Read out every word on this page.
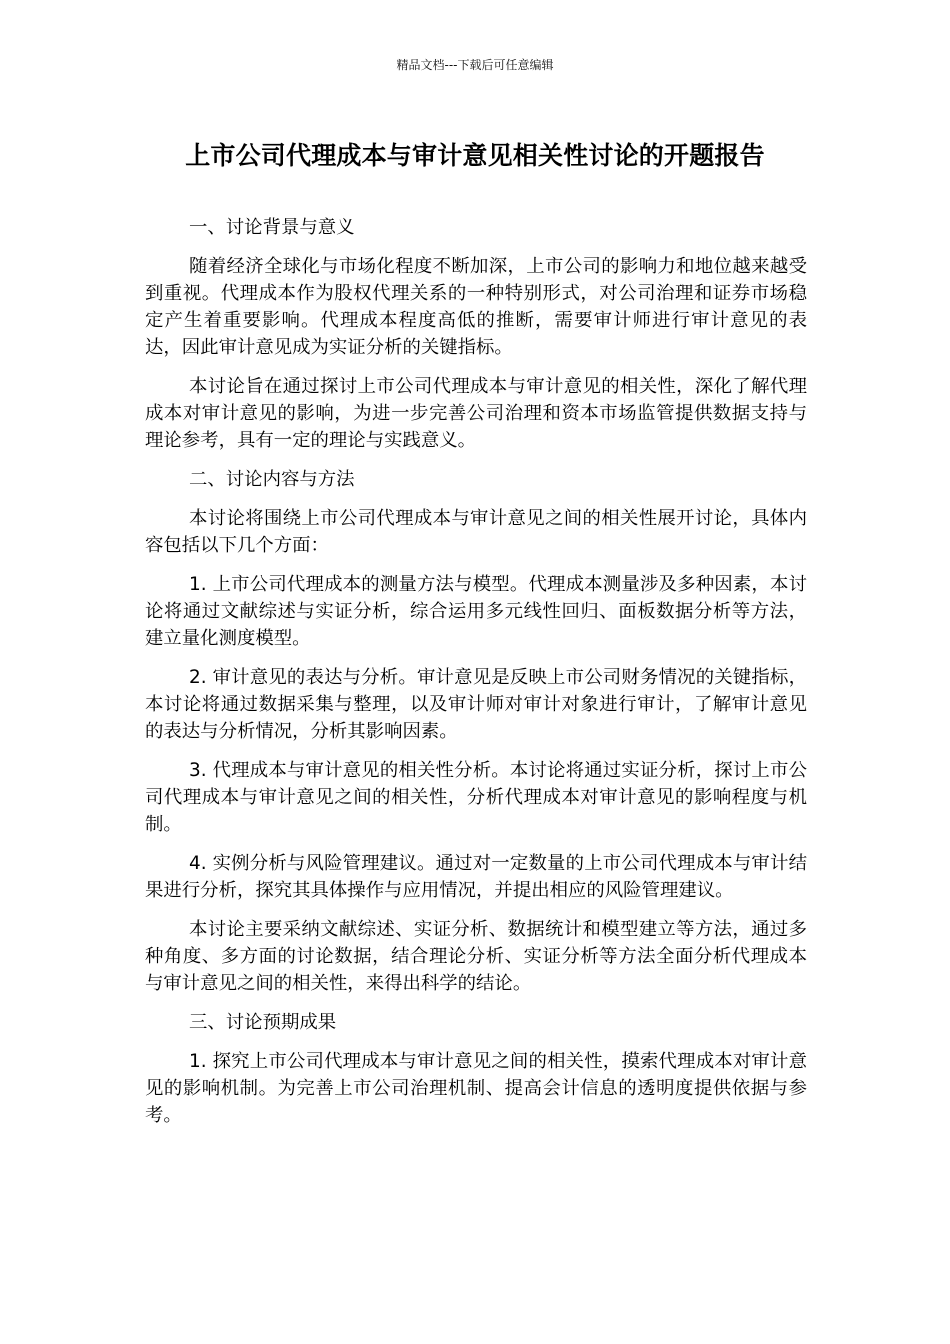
精品文档---下载后可任意编辑
上市公司代理成本与审计意见相关性讨论的开题报告

一、讨论背景与意义

随着经济全球化与市场化程度不断加深，上市公司的影响力和地位越来越受到重视。代理成本作为股权代理关系的一种特别形式，对公司治理和证券市场稳定产生着重要影响。代理成本程度高低的推断，需要审计师进行审计意见的表达，因此审计意见成为实证分析的关键指标。

本讨论旨在通过探讨上市公司代理成本与审计意见的相关性，深化了解代理成本对审计意见的影响，为进一步完善公司治理和资本市场监管提供数据支持与理论参考，具有一定的理论与实践意义。

二、讨论内容与方法

本讨论将围绕上市公司代理成本与审计意见之间的相关性展开讨论，具体内容包括以下几个方面：

1. 上市公司代理成本的测量方法与模型。代理成本测量涉及多种因素，本讨论将通过文献综述与实证分析，综合运用多元线性回归、面板数据分析等方法，建立量化测度模型。

2. 审计意见的表达与分析。审计意见是反映上市公司财务情况的关键指标，本讨论将通过数据采集与整理，以及审计师对审计对象进行审计，了解审计意见的表达与分析情况，分析其影响因素。

3. 代理成本与审计意见的相关性分析。本讨论将通过实证分析，探讨上市公司代理成本与审计意见之间的相关性，分析代理成本对审计意见的影响程度与机制。

4. 实例分析与风险管理建议。通过对一定数量的上市公司代理成本与审计结果进行分析，探究其具体操作与应用情况，并提出相应的风险管理建议。

本讨论主要采纳文献综述、实证分析、数据统计和模型建立等方法，通过多种角度、多方面的讨论数据，结合理论分析、实证分析等方法全面分析代理成本与审计意见之间的相关性，来得出科学的结论。

三、讨论预期成果

1. 探究上市公司代理成本与审计意见之间的相关性，摸索代理成本对审计意见的影响机制。为完善上市公司治理机制、提高会计信息的透明度提供依据与参考。
